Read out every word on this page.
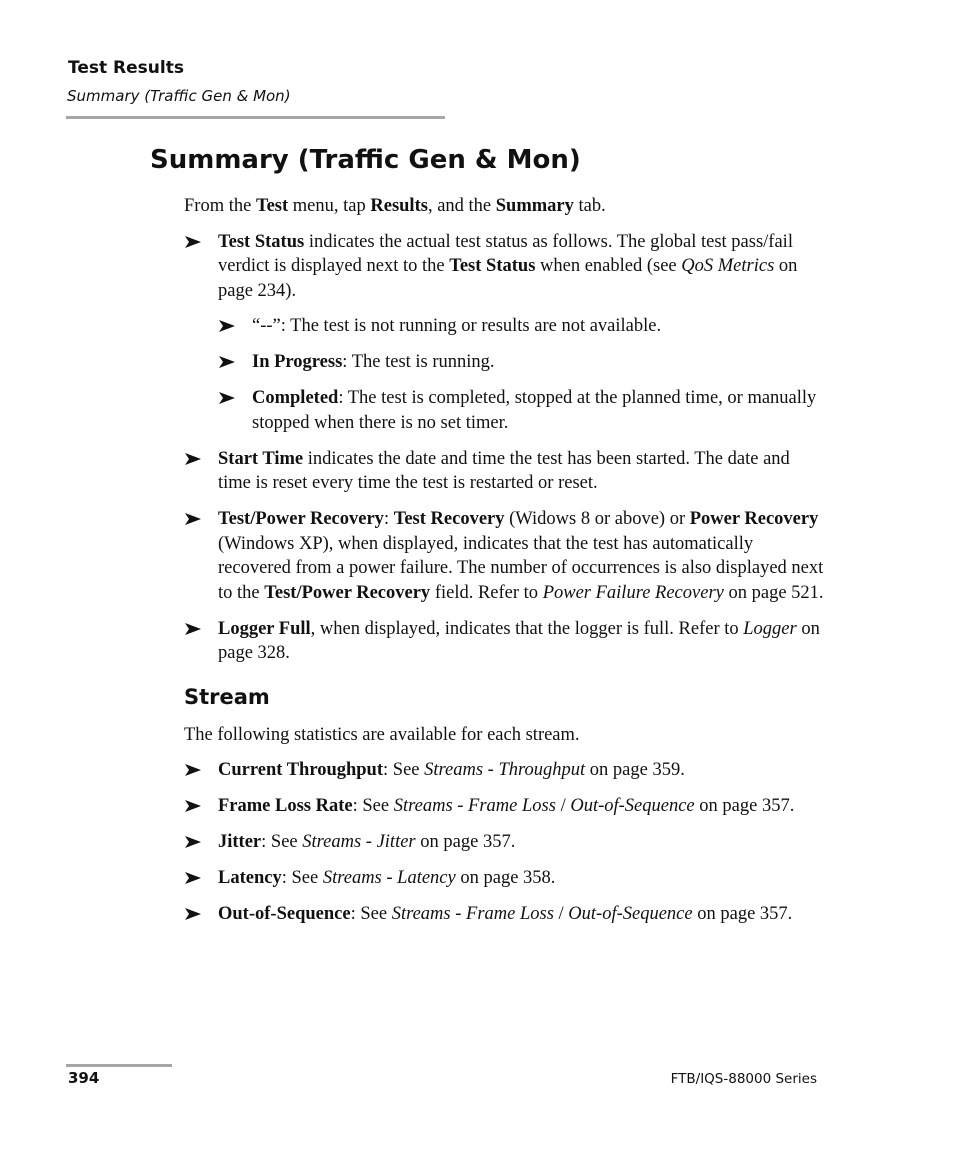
Test Results
Summary (Traffic Gen & Mon)
Summary (Traffic Gen & Mon)

From the Test menu, tap Results, and the Summary tab.

Test Status indicates the actual test status as follows. The global test pass/fail verdict is displayed next to the Test Status when enabled (see QoS Metrics on page 234).
“--”: The test is not running or results are not available.
In Progress: The test is running.
Completed: The test is completed, stopped at the planned time, or manually stopped when there is no set timer.
Start Time indicates the date and time the test has been started. The date and time is reset every time the test is restarted or reset.
Test/Power Recovery: Test Recovery (Widows 8 or above) or Power Recovery (Windows XP), when displayed, indicates that the test has automatically recovered from a power failure. The number of occurrences is also displayed next to the Test/Power Recovery field. Refer to Power Failure Recovery on page 521.
Logger Full, when displayed, indicates that the logger is full. Refer to Logger on page 328.
Stream

The following statistics are available for each stream.

Current Throughput: See Streams - Throughput on page 359.
Frame Loss Rate: See Streams - Frame Loss / Out-of-Sequence on page 357.
Jitter: See Streams - Jitter on page 357.
Latency: See Streams - Latency on page 358.
Out-of-Sequence: See Streams - Frame Loss / Out-of-Sequence on page 357.
394	FTB/IQS-88000 Series
